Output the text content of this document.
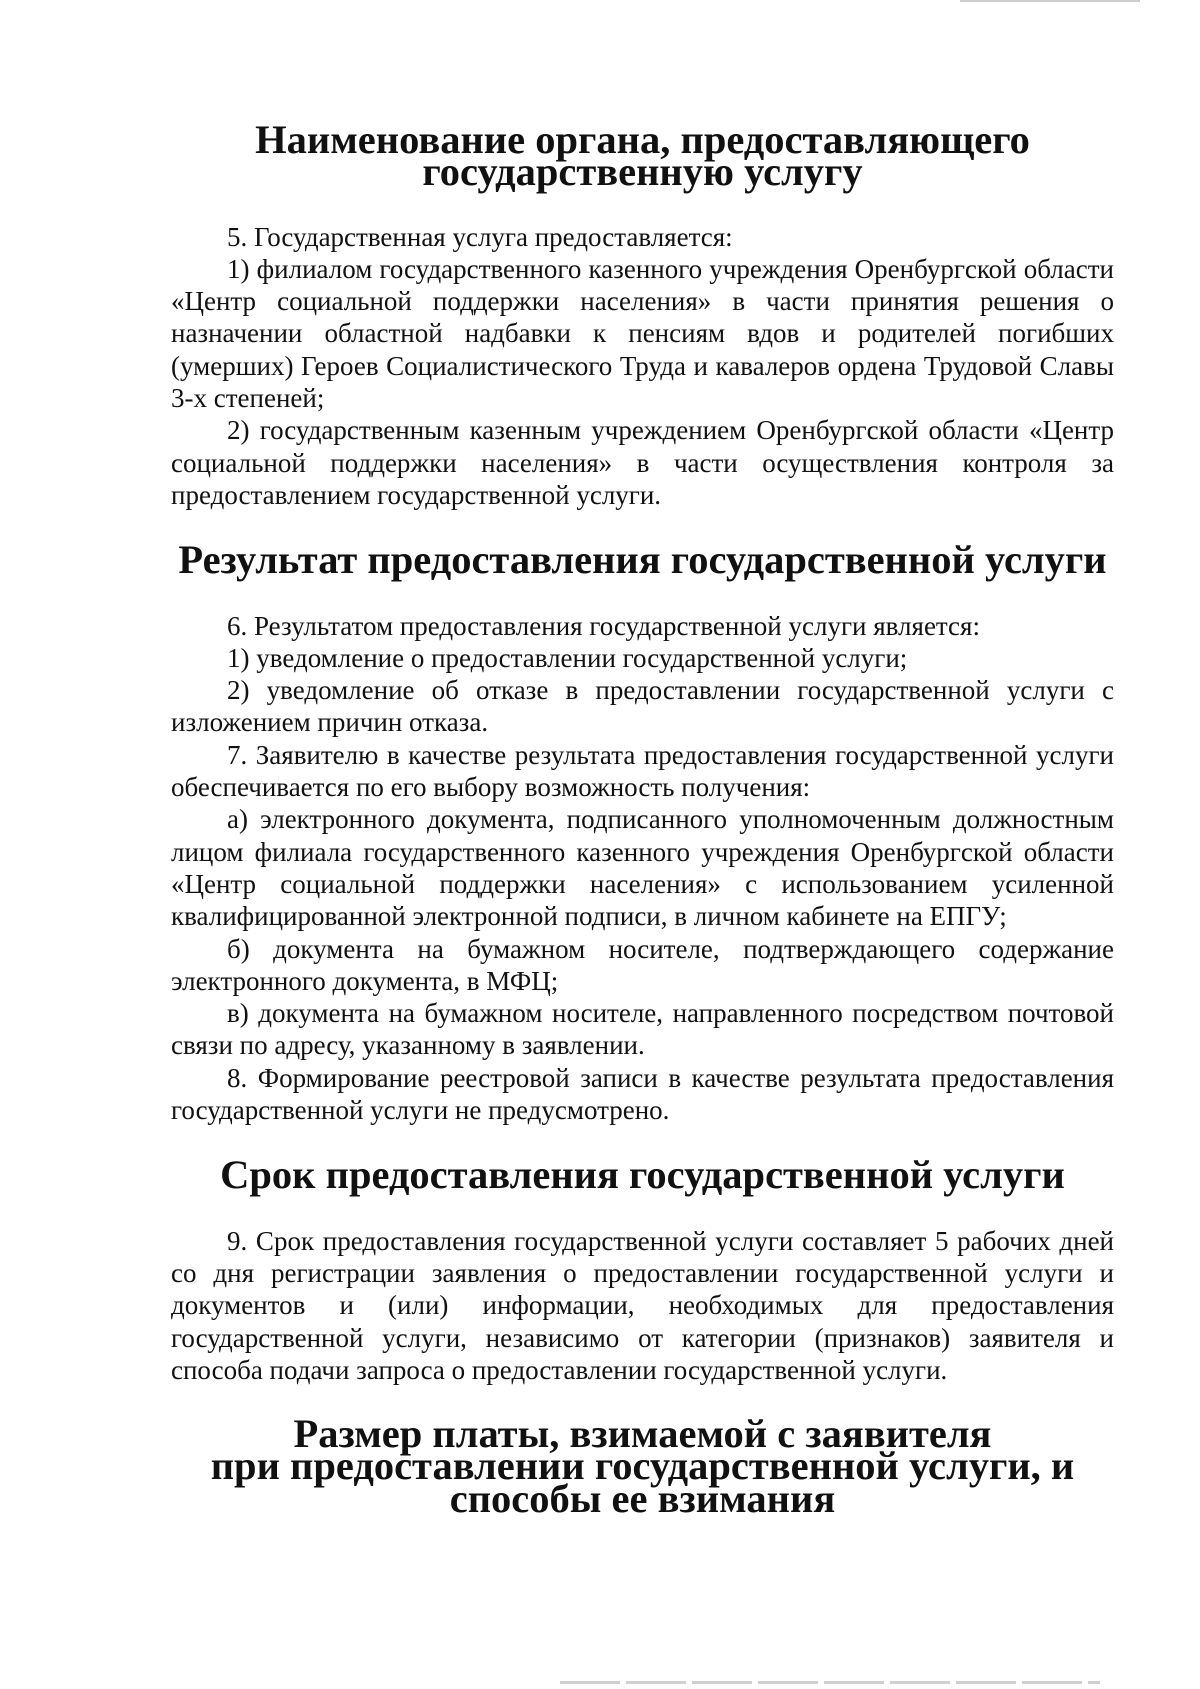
Наименование органа, предоставляющего государственную услугу

5. Государственная услуга предоставляется:

1) филиалом государственного казенного учреждения Оренбургской области «Центр социальной поддержки населения» в части принятия решения о назначении областной надбавки к пенсиям вдов и родителей погибших (умерших) Героев Социалистического Труда и кавалеров ордена Трудовой Славы 3-х степеней;

2) государственным казенным учреждением Оренбургской области «Центр социальной поддержки населения» в части осуществления контроля за предоставлением государственной услуги.

Результат предоставления государственной услуги

6. Результатом предоставления государственной услуги является:

1) уведомление о предоставлении государственной услуги;

2) уведомление об отказе в предоставлении государственной услуги с изложением причин отказа.

7. Заявителю в качестве результата предоставления государственной услуги обеспечивается по его выбору возможность получения:

а) электронного документа, подписанного уполномоченным должностным лицом филиала государственного казенного учреждения Оренбургской области «Центр социальной поддержки населения» с использованием усиленной квалифицированной электронной подписи, в личном кабинете на ЕПГУ;

б) документа на бумажном носителе, подтверждающего содержание электронного документа, в МФЦ;

в) документа на бумажном носителе, направленного посредством почтовой связи по адресу, указанному в заявлении.

8. Формирование реестровой записи в качестве результата предоставления государственной услуги не предусмотрено.

Срок предоставления государственной услуги

9. Срок предоставления государственной услуги составляет 5 рабочих дней со дня регистрации заявления о предоставлении государственной услуги и документов и (или) информации, необходимых для предоставления государственной услуги, независимо от категории (признаков) заявителя и способа подачи запроса о предоставлении государственной услуги.

Размер платы, взимаемой с заявителя
при предоставлении государственной услуги, и способы ее взимания
